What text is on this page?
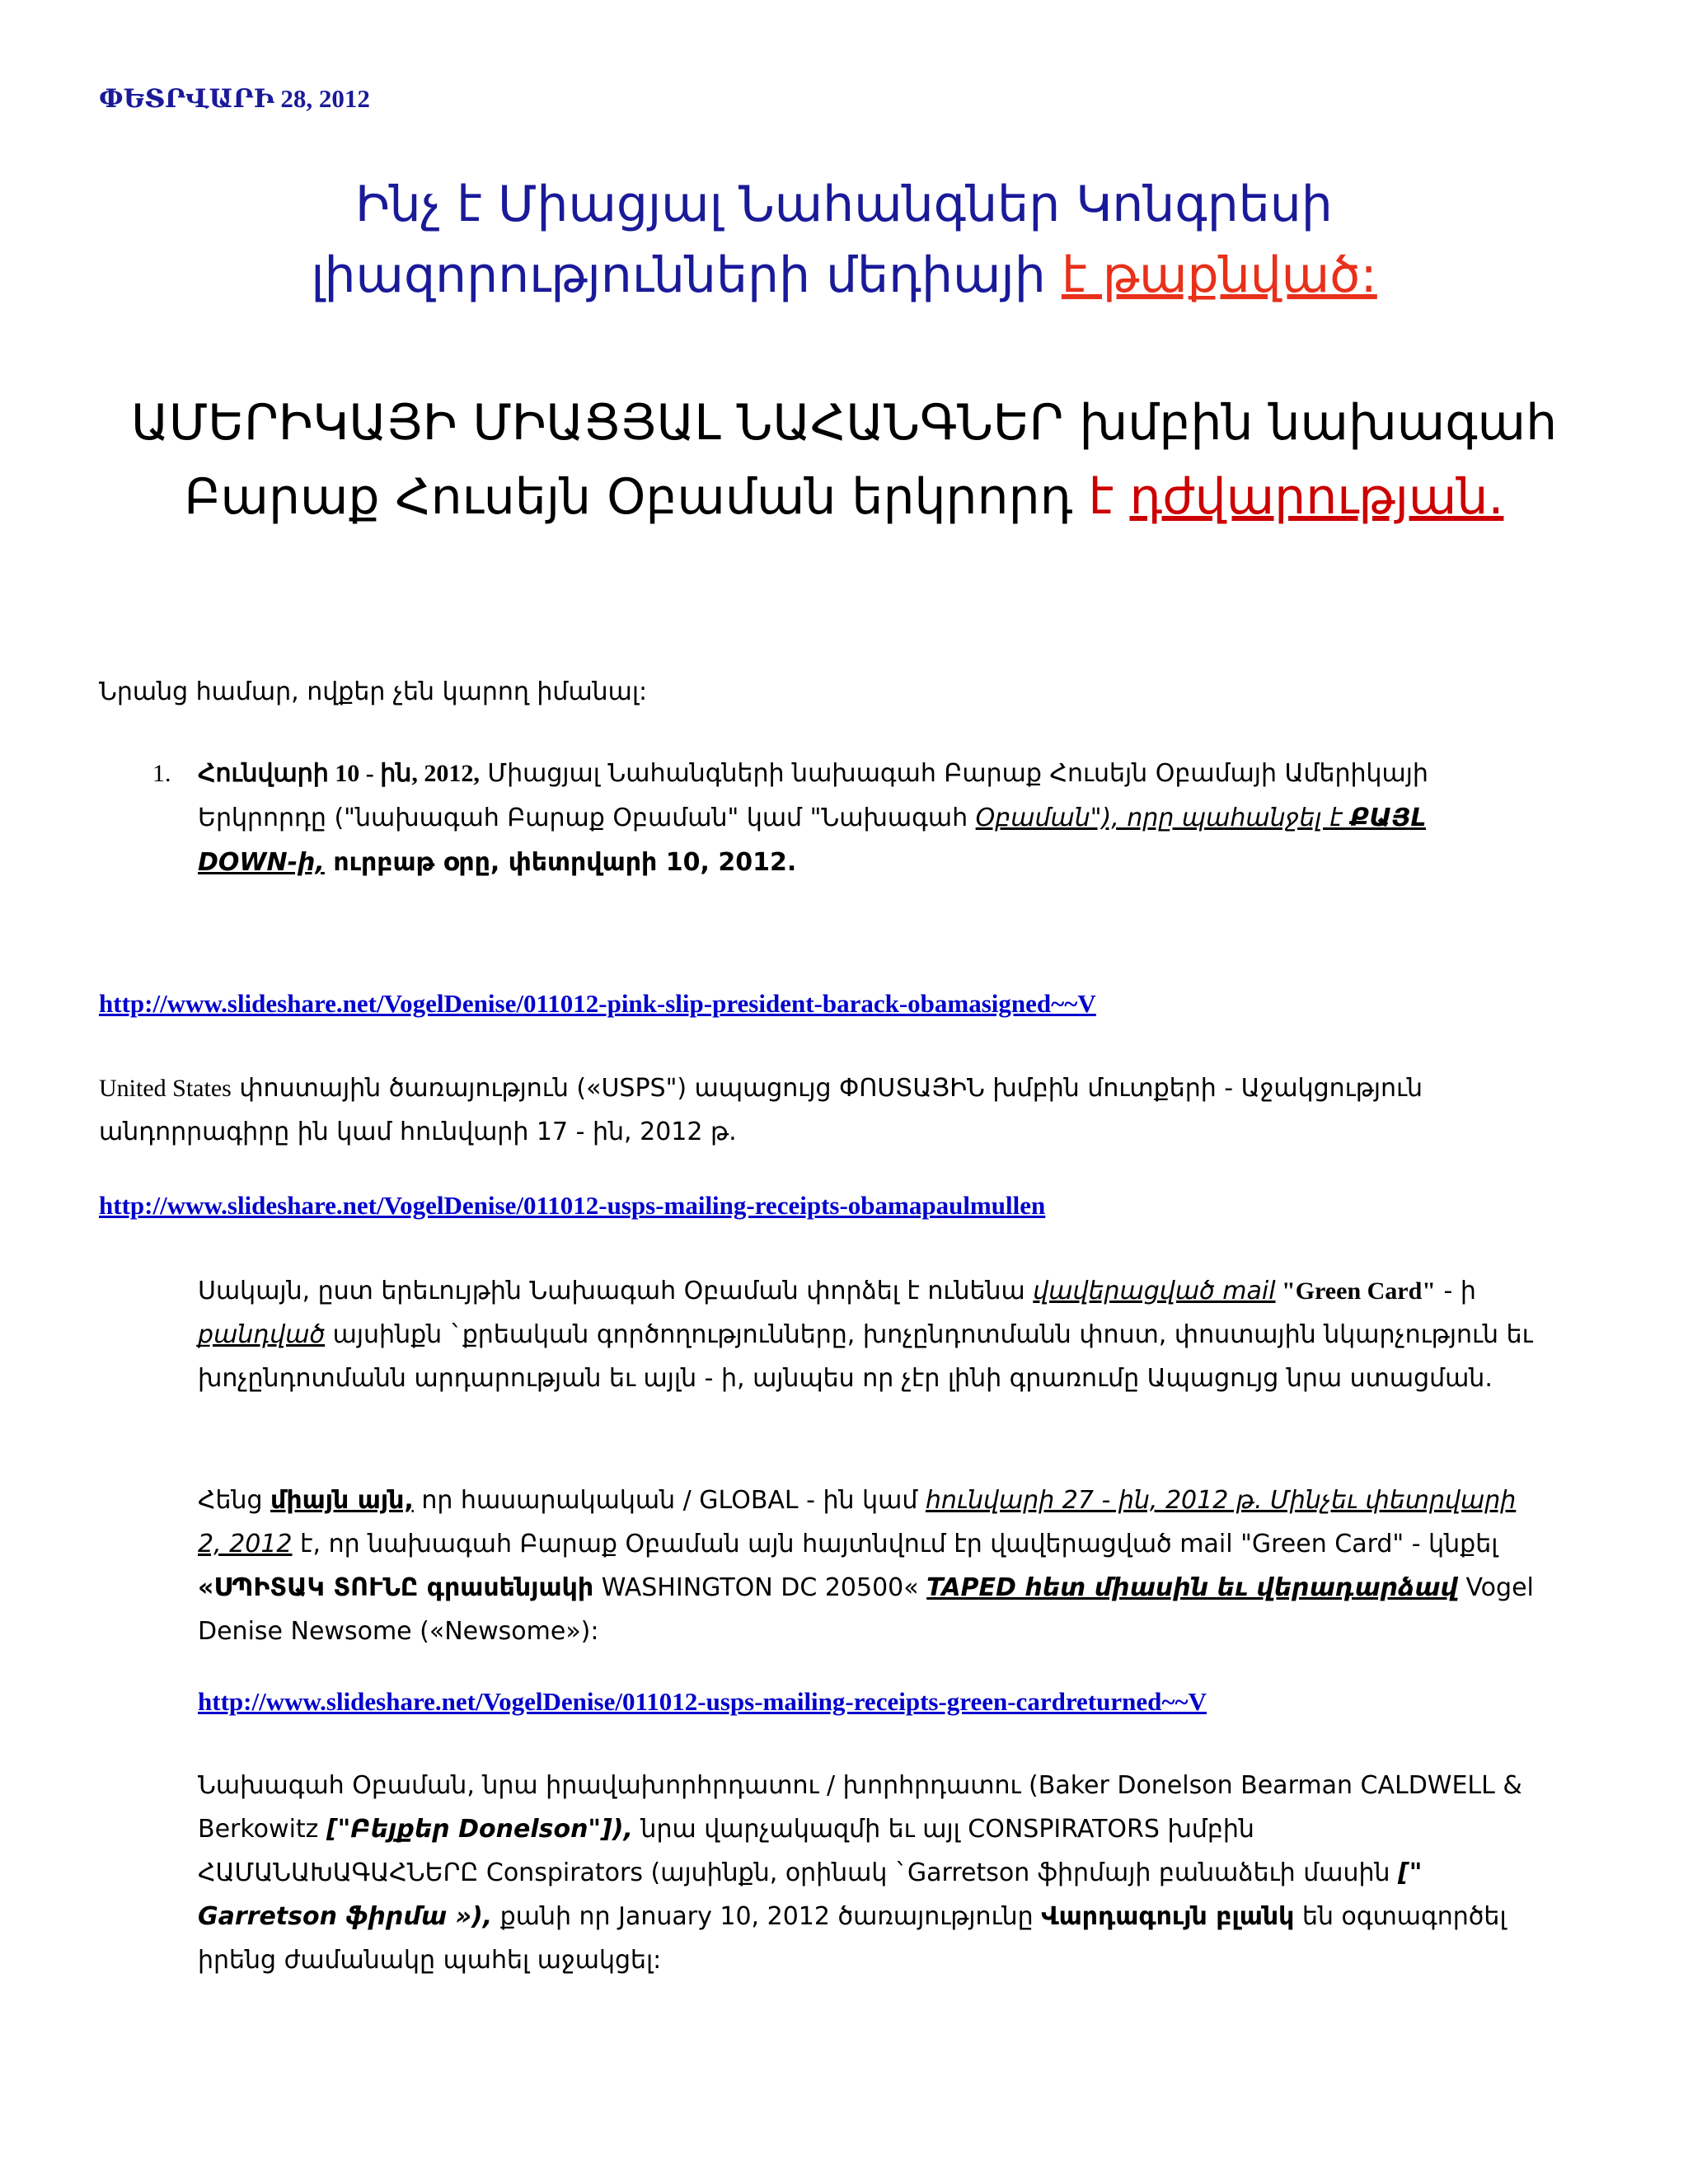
ՓԵՏՐՎԱՐԻ 28, 2012
Ինչ է Միացյալ Նահանգներ Կոնգրեսի լիազորությունների մեդիայի է թաքնված:
ԱՄԵՐԻԿԱՅԻ ՄԻԱՑՅԱԼ ՆԱՀԱՆԳՆԵՐ խմբին նախագահ Բարաք Հուսեյն Օբաման երկրորդ է դժվարության.
Նրանց համար, ովքեր չեն կարող իմանալ:
1. Հունվարի 10 - ին, 2012, Միացյալ Նահանգների նախագահ Բարաք Հուսեյն Օբամայի Ամերիկայի Երկրորդը ("նախագահ Բարաք Օբաման" կամ "Նախագահ Օբաման"), որը պահանջել է ՔԱՅԼ DOWN-ի, ուրբաթ օրը, փետրվարի 10, 2012.
http://www.slideshare.net/VogelDenise/011012-pink-slip-president-barack-obamasigned~~V
United States փոստային ծառայություն («USPS") ապացույց ՓՈՍՏԱՅԻՆ խմբին մուտքերի - Աջակցություն անդորրագիրը ին կամ հունվարի 17 - ին, 2012 թ.
http://www.slideshare.net/VogelDenise/011012-usps-mailing-receipts-obamapaulmullen
Սակայն, ըստ երեւույթին Նախագահ Օբաման փորձել է ունենա վավերացված mail "Green Card" - ի քանդված այսինքն `քրեական գործողությունները, խոչընդոտմանն փոստ, փոստային նկարչություն եւ խոչընդոտմանն արդարության եւ այլն - ի, այնպես որ չէր լինի գրառումը Ապացույց նրա ստացման.
Հենց միայն այն, որ հասարակական / GLOBAL - ին կամ հունվարի 27 - ին, 2012 թ. Մինչեւ փետրվարի 2, 2012 է, որ նախագահ Բարաք Օբաման այն հայտնվում էր վավերացված mail "Green Card" - կնքել «ՍՊԻՏԱԿ ՏՈՒՆԸ գրասենյակի WASHINGTON DC 20500« TAPED հետ միասին եւ վերադարձավ Vogel Denise Newsome («Newsome»):
http://www.slideshare.net/VogelDenise/011012-usps-mailing-receipts-green-cardreturned~~V
Նախագահ Օբաման, նրա իրավախորհրդատու / խորհրդատու (Baker Donelson Bearman CALDWELL & Berkowitz ["Բեյքեր Donelson"]), նրա վարչակազմի եւ այլ CONSPIRATORS խմբին ՀԱՄԱՆԱԽԱԳԱՀՆԵՐԸ Conspirators (այսինքն, օրինակ `Garretson ֆիրմայի բանաձեւի մասին [" Garretson ֆիրմա »), քանի որ January 10, 2012 ծառայությունը Վարդագույն բլանկ են օգտագործել իրենց ժամանակը պահել աջակցել:
